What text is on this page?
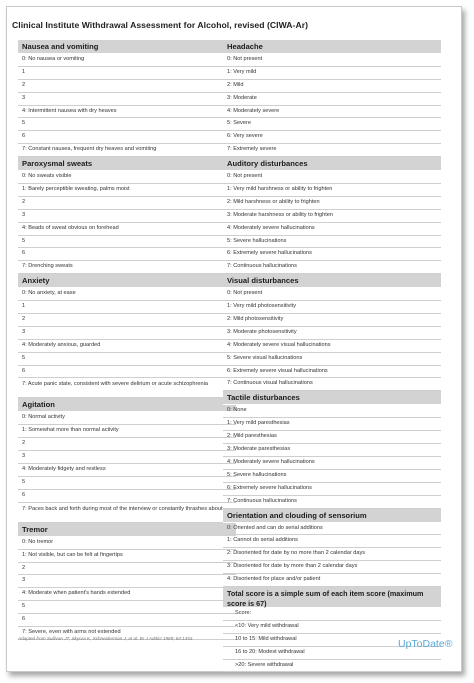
Clinical Institute Withdrawal Assessment for Alcohol, revised (CIWA-Ar)
Nausea and vomiting
0: No nausea or vomiting
1
2
3
4: Intermittent nausea with dry heaves
5
6
7: Constant nausea, frequent dry heaves and vomiting
Paroxysmal sweats
0: No sweats visible
1: Barely perceptible sweating, palms moist
2
3
4: Beads of sweat obvious on forehead
5
6
7: Drenching sweats
Anxiety
0: No anxiety, at ease
1
2
3
4: Moderately anxious, guarded
5
6
7: Acute panic state, consistent with severe delirium or acute schizophrenia
Agitation
0: Normal activity
1: Somewhat more than normal activity
2
3
4: Moderately fidgety and restless
5
6
7: Paces back and forth during most of the interview or constantly thrashes about
Tremor
0: No tremor
1: Not visible, but can be felt at fingertips
2
3
4: Moderate when patient's hands extended
5
6
7: Severe, even with arms not extended
Headache
0: Not present
1: Very mild
2: Mild
3: Moderate
4: Moderately severe
5: Severe
6: Very severe
7: Extremely severe
Auditory disturbances
0: Not present
1: Very mild harshness or ability to frighten
2: Mild harshness or ability to frighten
3: Moderate harshness or ability to frighten
4: Moderately severe hallucinations
5: Severe hallucinations
6: Extremely severe hallucinations
7: Continuous hallucinations
Visual disturbances
0: Not present
1: Very mild photosensitivity
2: Mild photosensitivity
3: Moderate photosensitivity
4: Moderately severe visual hallucinations
5: Severe visual hallucinations
6: Extremely severe visual hallucinations
7: Continuous visual hallucinations
Tactile disturbances
0: None
1: Very mild paresthesias
2: Mild paresthesias
3: Moderate paresthesias
4: Moderately severe hallucinations
5: Severe hallucinations
6: Extremely severe hallucinations
7: Continuous hallucinations
Orientation and clouding of sensorium
0: Oriented and can do serial additions
1: Cannot do serial additions
2: Disoriented for date by no more than 2 calendar days
3: Disoriented for date by more than 2 calendar days
4: Disoriented for place and/or patient
Total score is a simple sum of each item score (maximum score is 67)
Score:
<10: Very mild withdrawal
10 to 15: Mild withdrawal
16 to 20: Modest withdrawal
>20: Severe withdrawal
Adapted from Sullivan JT, Skyora K, Schneiderman J, et al. Br J Addict 1989; 84:1353.	UpToDate®
